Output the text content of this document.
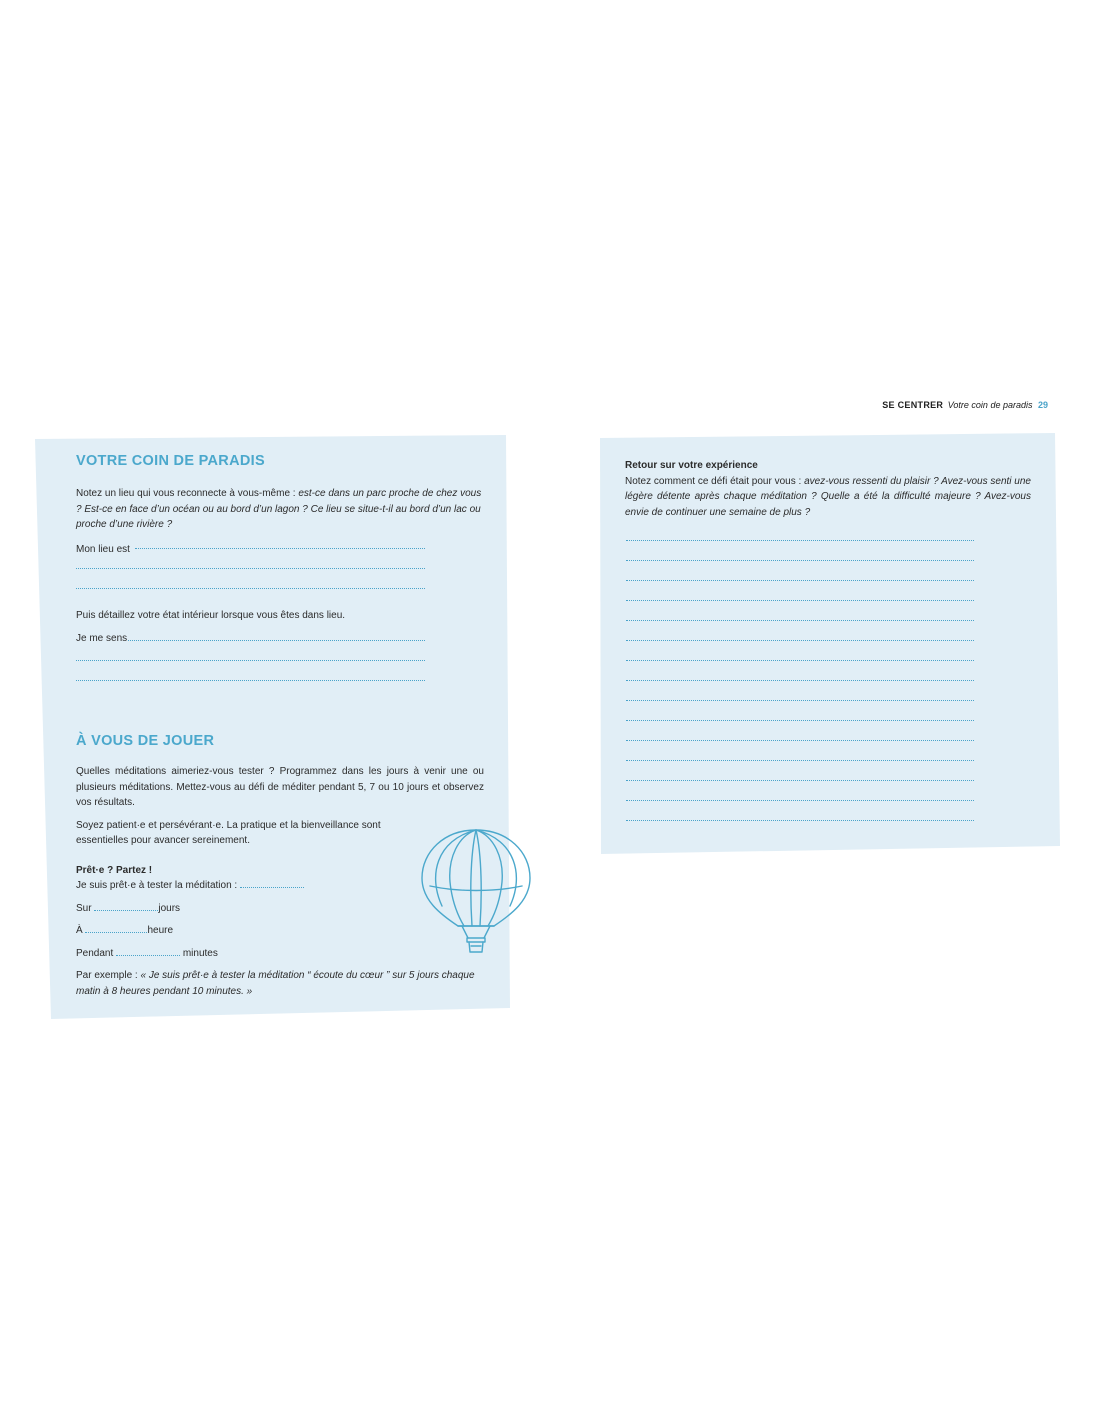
SE CENTRER Votre coin de paradis 29
VOTRE COIN DE PARADIS

Notez un lieu qui vous reconnecte à vous-même : est-ce dans un parc proche de chez vous ? Est-ce en face d’un océan ou au bord d’un lagon ? Ce lieu se situe-t-il au bord d’un lac ou proche d’une rivière ?

Mon lieu est

Puis détaillez votre état intérieur lorsque vous êtes dans lieu.

Je me sens

À VOUS DE JOUER

Quelles méditations aimeriez-vous tester ? Programmez dans les jours à venir une ou plusieurs méditations. Mettez-vous au défi de méditer pendant 5, 7 ou 10 jours et observez vos résultats.

Soyez patient·e et persévérant·e. La pratique et la bienveillance sont essentielles pour avancer sereinement.

Prêt·e ? Partez !

Je suis prêt·e à tester la méditation :

Sur	jours

À	heure

Pendant	minutes

Par exemple : « Je suis prêt·e à tester la méditation “ écoute du cœur ” sur 5 jours chaque matin à 8 heures pendant 10 minutes. »

Retour sur votre expérience

Notez comment ce défi était pour vous : avez-vous ressenti du plaisir ? Avez-vous senti une légère détente après chaque méditation ? Quelle a été la difficulté majeure ? Avez-vous envie de continuer une semaine de plus ?
